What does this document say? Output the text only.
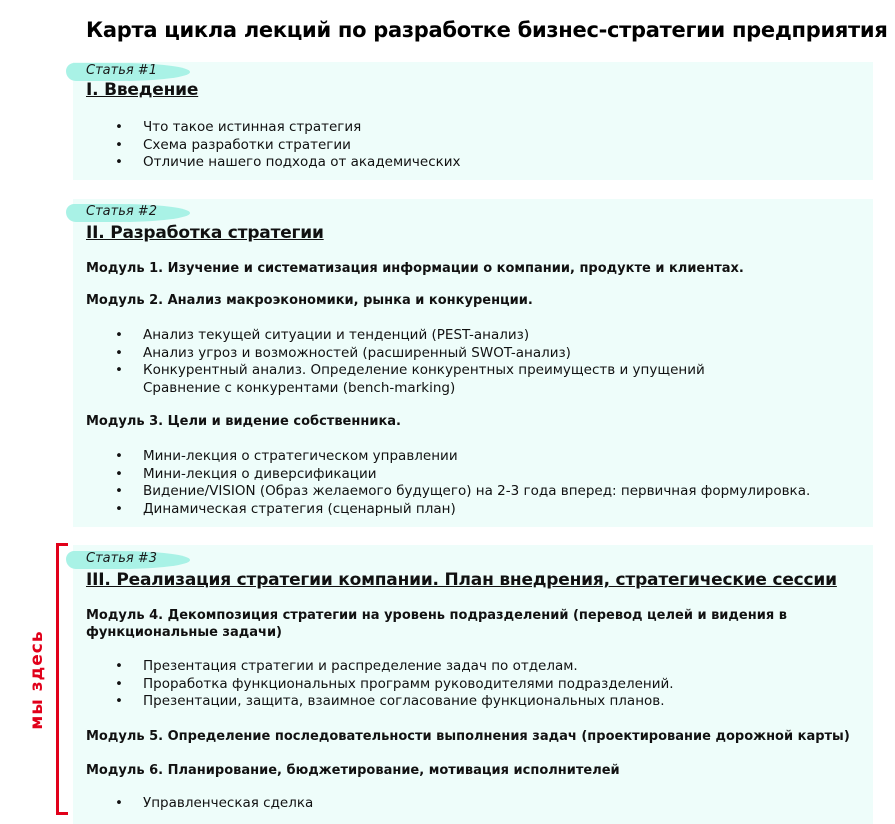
Карта цикла лекций по разработке бизнес-стратегии предприятия
Статья #1
I. Введение
• Что такое истинная стратегия
• Схема разработки стратегии
• Отличие нашего подхода от академических
Статья #2
II. Разработка стратегии
Модуль 1. Изучение и систематизация информации о компании, продукте и клиентах.
Модуль 2. Анализ макроэкономики, рынка и конкуренции.
• Анализ текущей ситуации и тенденций (PEST-анализ)
• Анализ угроз и возможностей (расширенный SWOT-анализ)
• Конкурентный анализ. Определение конкурентных преимуществ и упущений
Сравнение с конкурентами (bench-marking)
Модуль 3. Цели и видение собственника.
• Мини-лекция о стратегическом управлении
• Мини-лекция о диверсификации
• Видение/VISION (Образ желаемого будущего) на 2-3 года вперед: первичная формулировка.
• Динамическая стратегия (сценарный план)
Статья #3
III. Реализация стратегии компании. План внедрения, стратегические сессии
Модуль 4. Декомпозиция стратегии на уровень подразделений (перевод целей и видения в
функциональные задачи)
• Презентация стратегии и распределение задач по отделам.
• Проработка функциональных программ руководителями подразделений.
• Презентации, защита, взаимное согласование функциональных планов.
Модуль 5. Определение последовательности выполнения задач (проектирование дорожной карты)
Модуль 6. Планирование, бюджетирование, мотивация исполнителей
• Управленческая сделка
мы здесь
